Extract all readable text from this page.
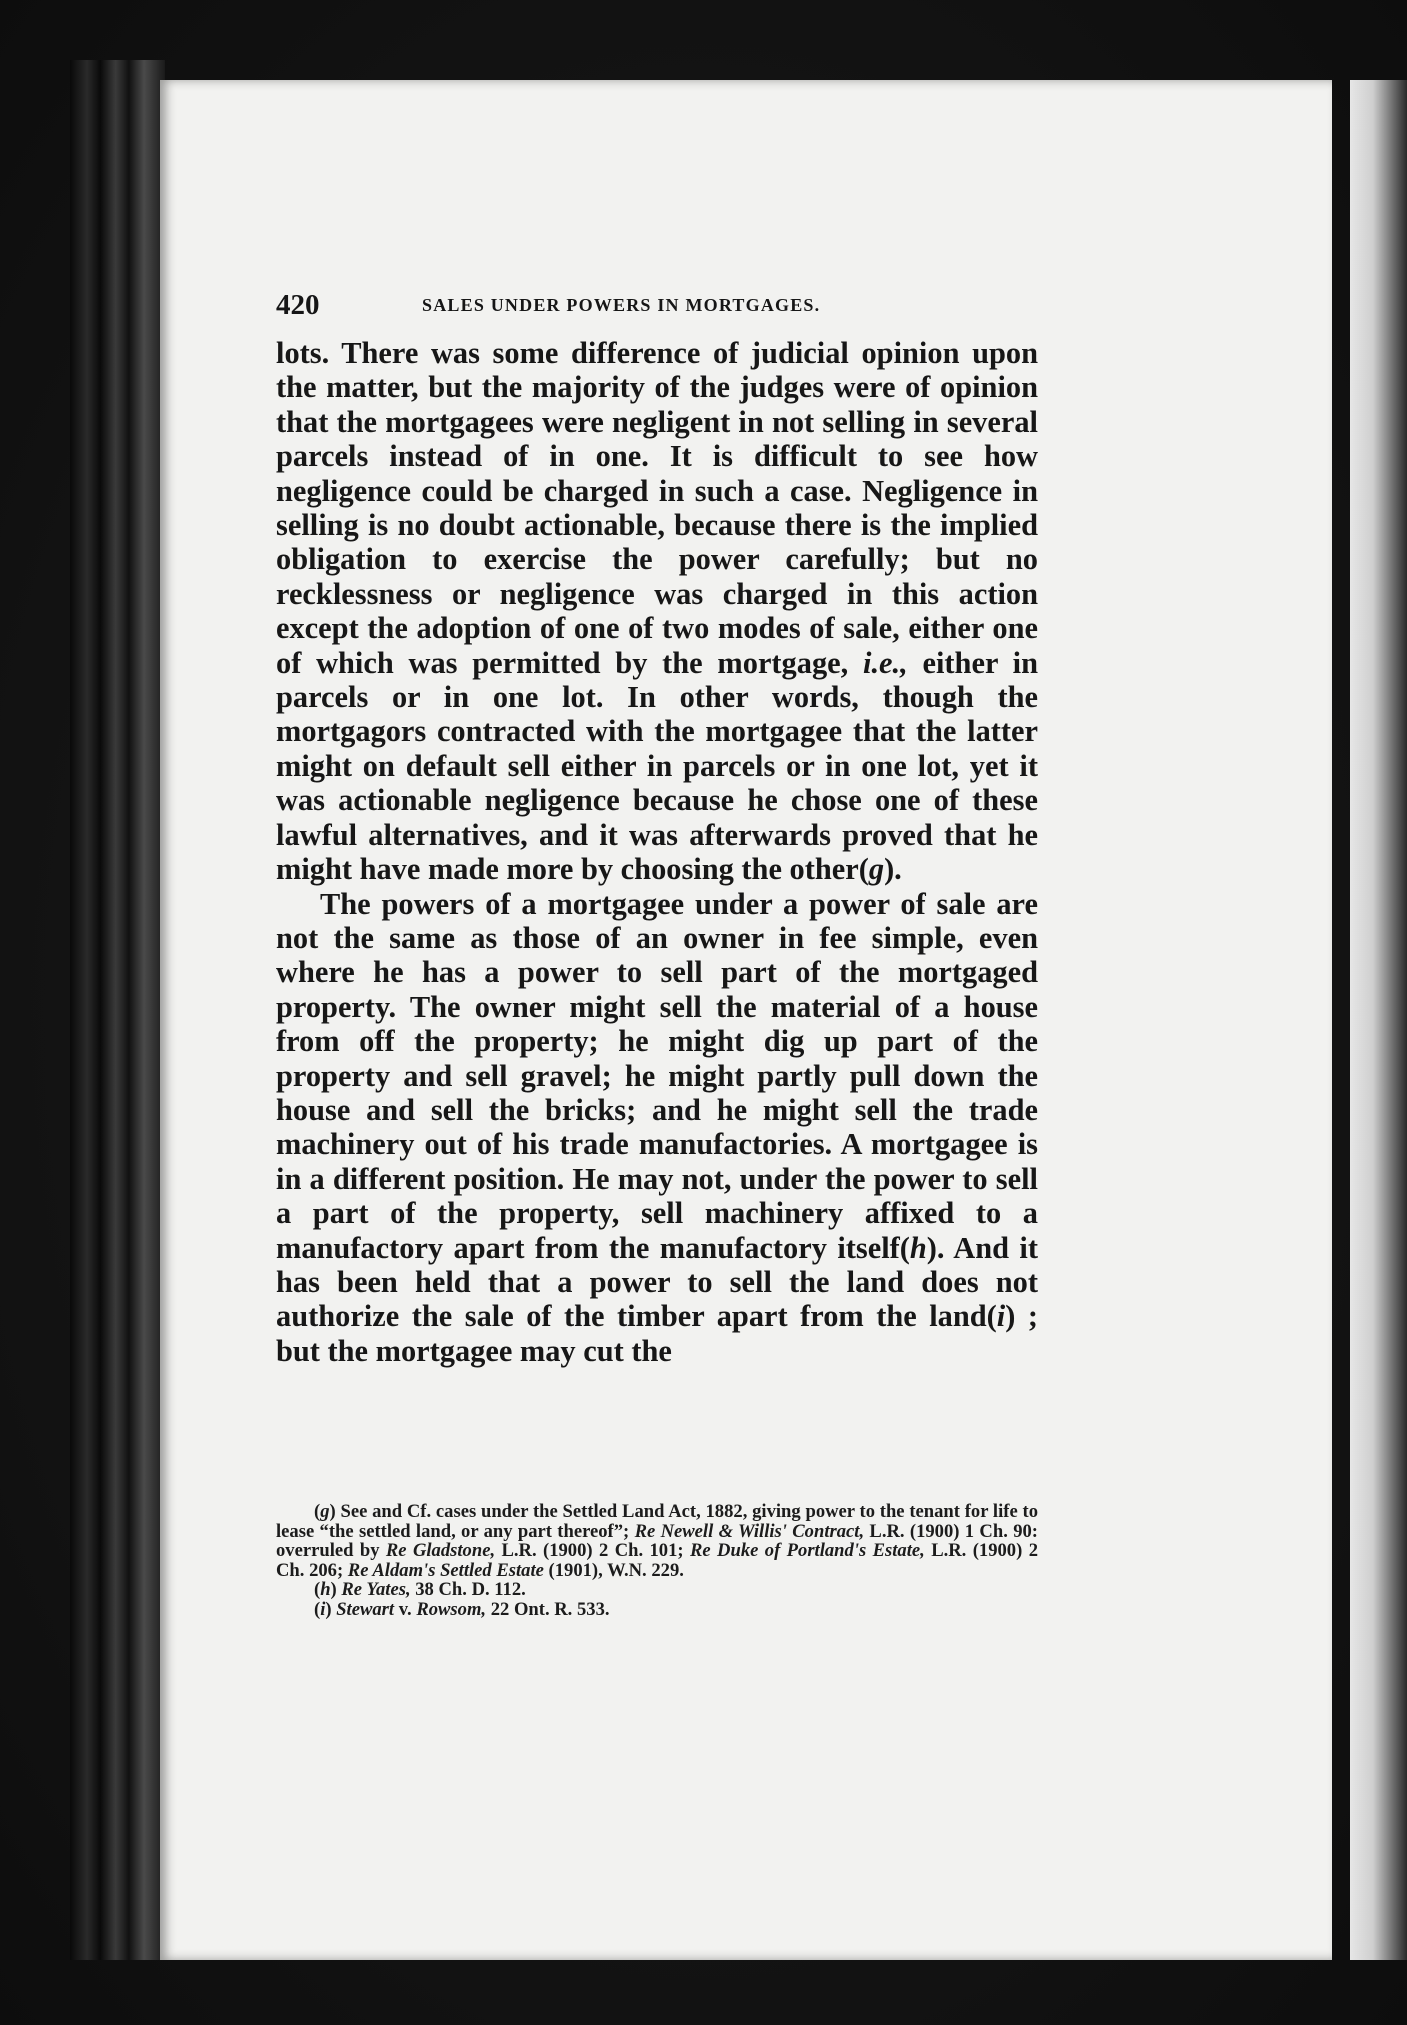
420	SALES UNDER POWERS IN MORTGAGES.

lots. There was some difference of judicial opinion upon the matter, but the majority of the judges were of opinion that the mortgagees were negligent in not selling in several parcels instead of in one. It is difficult to see how negligence could be charged in such a case. Negligence in selling is no doubt actionable, because there is the implied obligation to exercise the power carefully; but no recklessness or negligence was charged in this action except the adoption of one of two modes of sale, either one of which was permitted by the mortgage, i.e., either in parcels or in one lot. In other words, though the mortgagors contracted with the mortgagee that the latter might on default sell either in parcels or in one lot, yet it was actionable negligence because he chose one of these lawful alternatives, and it was afterwards proved that he might have made more by choosing the other(g).

The powers of a mortgagee under a power of sale are not the same as those of an owner in fee simple, even where he has a power to sell part of the mortgaged property. The owner might sell the material of a house from off the property; he might dig up part of the property and sell gravel; he might partly pull down the house and sell the bricks; and he might sell the trade machinery out of his trade manufactories. A mortgagee is in a different position. He may not, under the power to sell a part of the property, sell machinery affixed to a manufactory apart from the manufactory itself(h). And it has been held that a power to sell the land does not authorize the sale of the timber apart from the land(i) ; but the mortgagee may cut the

(g) See and Cf. cases under the Settled Land Act, 1882, giving power to the tenant for life to lease “the settled land, or any part thereof”; Re Newell & Willis' Contract, L.R. (1900) 1 Ch. 90: overruled by Re Gladstone, L.R. (1900) 2 Ch. 101; Re Duke of Portland's Estate, L.R. (1900) 2 Ch. 206; Re Aldam's Settled Estate (1901), W.N. 229.

(h) Re Yates, 38 Ch. D. 112.

(i) Stewart v. Rowsom, 22 Ont. R. 533.
